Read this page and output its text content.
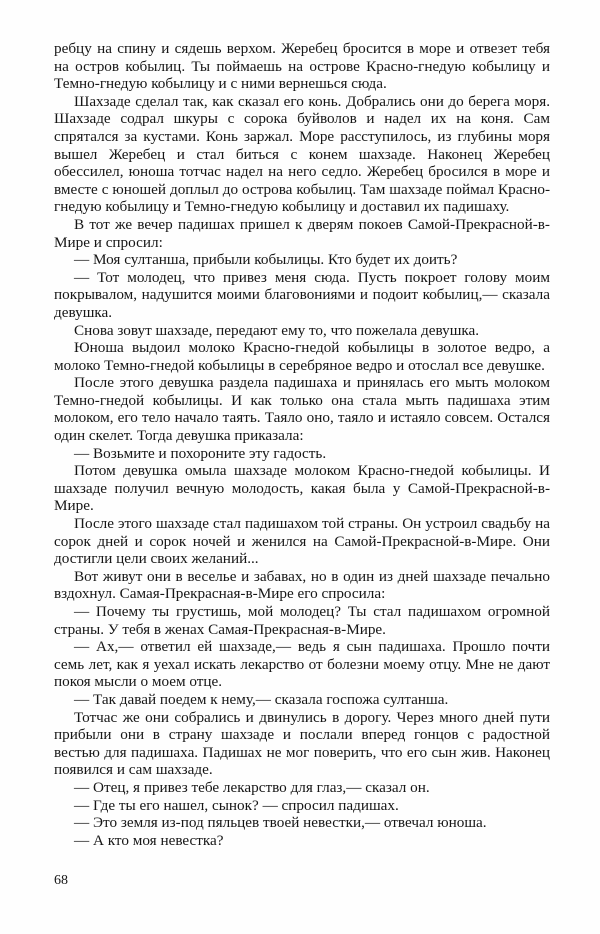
ребцу на спину и сядешь верхом. Жеребец бросится в море и отвезет тебя на остров кобылиц. Ты поймаешь на острове Красно-гнедую кобылицу и Темно-гнедую кобылицу и с ними вернешься сюда.

Шахзаде сделал так, как сказал его конь. Добрались они до берега моря. Шахзаде содрал шкуры с сорока буйволов и надел их на коня. Сам спрятался за кустами. Конь заржал. Море расступилось, из глубины моря вышел Жеребец и стал биться с конем шахзаде. Наконец Жеребец обессилел, юноша тотчас надел на него седло. Жеребец бросился в море и вместе с юношей доплыл до острова кобылиц. Там шахзаде поймал Красно-гнедую кобылицу и Темно-гнедую кобылицу и доставил их падишаху.

В тот же вечер падишах пришел к дверям покоев Самой-Прекрасной-в-Мире и спросил:

— Моя султанша, прибыли кобылицы. Кто будет их доить?

— Тот молодец, что привез меня сюда. Пусть покроет голову моим покрывалом, надушится моими благовониями и подоит кобылиц,— сказала девушка.

Снова зовут шахзаде, передают ему то, что пожелала девушка.

Юноша выдоил молоко Красно-гнедой кобылицы в золотое ведро, а молоко Темно-гнедой кобылицы в серебряное ведро и отослал все девушке.

После этого девушка раздела падишаха и принялась его мыть молоком Темно-гнедой кобылицы. И как только она стала мыть падишаха этим молоком, его тело начало таять. Таяло оно, таяло и истаяло совсем. Остался один скелет. Тогда девушка приказала:

— Возьмите и похороните эту гадость.

Потом девушка омыла шахзаде молоком Красно-гнедой кобылицы. И шахзаде получил вечную молодость, какая была у Самой-Прекрасной-в-Мире.

После этого шахзаде стал падишахом той страны. Он устроил свадьбу на сорок дней и сорок ночей и женился на Самой-Прекрасной-в-Мире. Они достигли цели своих желаний...

Вот живут они в веселье и забавах, но в один из дней шахзаде печально вздохнул. Самая-Прекрасная-в-Мире его спросила:

— Почему ты грустишь, мой молодец? Ты стал падишахом огромной страны. У тебя в женах Самая-Прекрасная-в-Мире.

— Ах,— ответил ей шахзаде,— ведь я сын падишаха. Прошло почти семь лет, как я уехал искать лекарство от болезни моему отцу. Мне не дают покоя мысли о моем отце.

— Так давай поедем к нему,— сказала госпожа султанша.

Тотчас же они собрались и двинулись в дорогу. Через много дней пути прибыли они в страну шахзаде и послали вперед гонцов с радостной вестью для падишаха. Падишах не мог поверить, что его сын жив. Наконец появился и сам шахзаде.

— Отец, я привез тебе лекарство для глаз,— сказал он.

— Где ты его нашел, сынок? — спросил падишах.

— Это земля из-под пяльцев твоей невестки,— отвечал юноша.

— А кто моя невестка?

68
